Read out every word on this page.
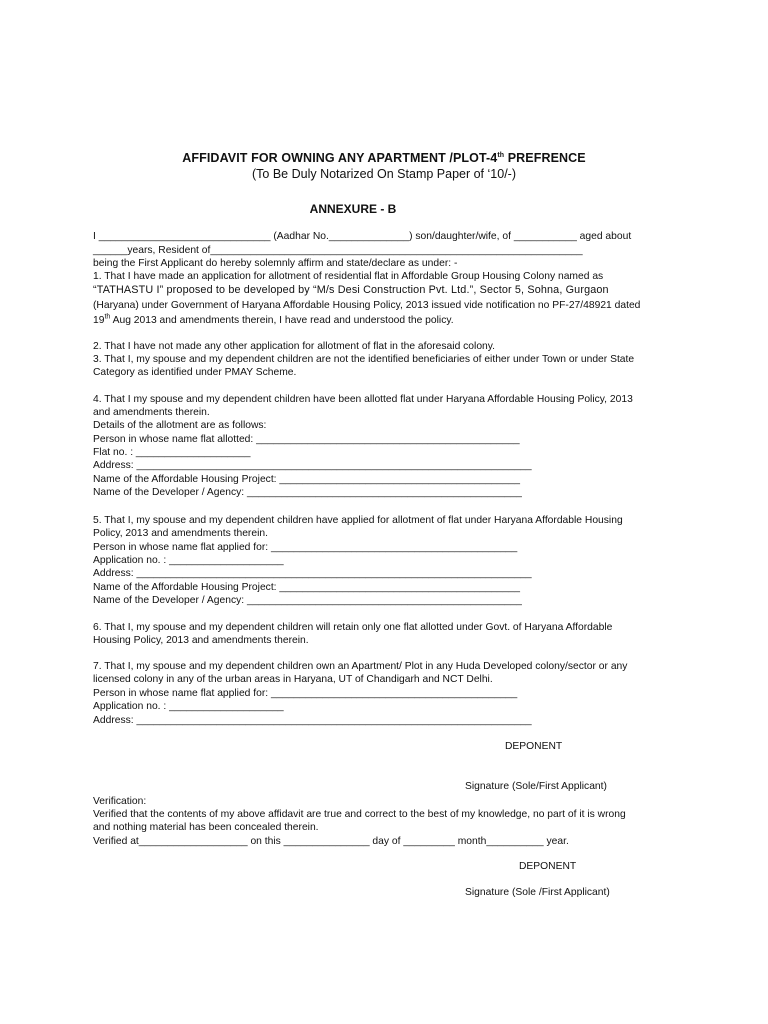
AFFIDAVIT FOR OWNING ANY APARTMENT /PLOT-4th PREFRENCE
(To Be Duly Notarized On Stamp Paper of ‘10/-)
ANNEXURE - B
I ______________________________ (Aadhar No.______________) son/daughter/wife, of ___________ aged about
______years, Resident of_________________________________________________________________
being the First Applicant do hereby solemnly affirm and state/declare as under: -
1. That I have made an application for allotment of residential flat in Affordable Group Housing Colony named as
“TATHASTU I” proposed to be developed by “M/s Desi Construction Pvt. Ltd.”, Sector 5, Sohna, Gurgaon
(Haryana) under Government of Haryana Affordable Housing Policy, 2013 issued vide notification no PF-27/48921 dated
19th Aug 2013 and amendments therein, I have read and understood the policy.
2. That I have not made any other application for allotment of flat in the aforesaid colony.
3. That I, my spouse and my dependent children are not the identified beneficiaries of either under Town or under State
Category as identified under PMAY Scheme.
4. That I my spouse and my dependent children have been allotted flat under Haryana Affordable Housing Policy, 2013
and amendments therein.
Details of the allotment are as follows:
Person in whose name flat allotted: ______________________________________________
Flat no. : ____________________
Address: _____________________________________________________________________
Name of the Affordable Housing Project: __________________________________________
Name of the Developer / Agency: ________________________________________________
5. That I, my spouse and my dependent children have applied for allotment of flat under Haryana Affordable Housing
Policy, 2013 and amendments therein.
Person in whose name flat applied for: ___________________________________________
Application no. : ____________________
Address: _____________________________________________________________________
Name of the Affordable Housing Project: __________________________________________
Name of the Developer / Agency: ________________________________________________
6. That I, my spouse and my dependent children will retain only one flat allotted under Govt. of Haryana Affordable
Housing Policy, 2013 and amendments therein.
7. That I, my spouse and my dependent children own an Apartment/ Plot in any Huda Developed colony/sector or any
licensed colony in any of the urban areas in Haryana, UT of Chandigarh and NCT Delhi.
Person in whose name flat applied for: ___________________________________________
Application no. : ____________________
Address: _____________________________________________________________________
DEPONENT
Signature (Sole/First Applicant)
Verification:
Verified that the contents of my above affidavit are true and correct to the best of my knowledge, no part of it is wrong
and nothing material has been concealed therein.
Verified at___________________ on this _______________ day of _________ month__________ year.
DEPONENT
Signature (Sole /First Applicant)
